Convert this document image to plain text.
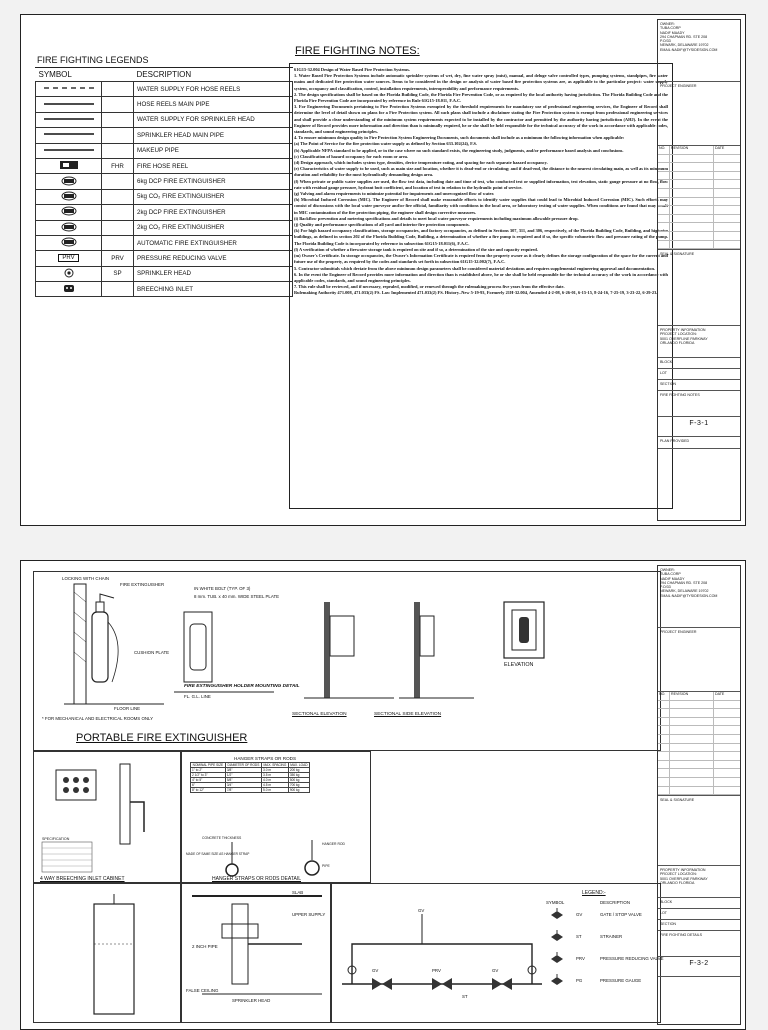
FIRE FIGHTING LEGENDS
SYMBOL		DESCRIPTION
		WATER SUPPLY FOR HOSE REELS
		HOSE REELS MAIN PIPE
		WATER SUPPLY FOR SPRINKLER HEAD
		SPRINKLER HEAD MAIN PIPE
		MAKEUP PIPE
	FHR	FIRE HOSE REEL
		6kg DCP FIRE EXTINGUISHER
		5kg CO₂ FIRE EXTINGUISHER
		2kg DCP FIRE EXTINGUISHER
		2kg CO₂ FIRE EXTINGUISHER
		AUTOMATIC FIRE EXTINGUISHER
PRV	PRV	PRESSURE REDUCING VALVE
	SP	SPRINKLER HEAD
		BREECHING INLET
FIRE FIGHTING NOTES:

61G15-32.004 Design of Water Based Fire Protection Systems.

1. Water Based Fire Protection Systems include automatic sprinkler systems of wet, dry, fine water spray (mist), manual, and deluge valve controlled types, pumping systems, standpipes, fire water mains and dedicated fire protection water sources. Items to be considered in the design or analysis of water based fire protection systems are, as applicable to the particular project: water supply system, occupancy and classification, control, installation requirements, interoperability and performance requirements.

2. The design specifications shall be based on the Florida Building Code, the Florida Fire Prevention Code, or as required by the local authority having jurisdiction. The Florida Building Code and the Florida Fire Prevention Code are incorporated by reference in Rule 61G15-18.011, F.A.C.

3. For Engineering Documents pertaining to Fire Protection Systems exempted by the threshold requirements for mandatory use of professional engineering services, the Engineer of Record shall determine the level of detail shown on plans for a Fire Protection system. All such plans shall include a disclaimer stating the Fire Protection system is exempt from professional engineering services and shall provide a clear understanding of the minimum system requirements expected to be installed by the contractor and permitted by the authority having jurisdiction (AHJ). In the event the Engineer of Record provides more information and direction than is minimally required, he or she shall be held responsible for the technical accuracy of the work in accordance with applicable codes, standards, and sound engineering principles.

4. To ensure minimum design quality in Fire Protection System Engineering Documents, such documents shall include as a minimum the following information when applicable:

(a) The Point of Service for the fire protection water supply as defined by Section 633.102(24), F.S.

(b) Applicable NFPA standard to be applied, or in the case where no such standard exists, the engineering study, judgments, and/or performance based analysis and conclusions.

(c) Classification of hazard occupancy for each room or area.

(d) Design approach, which includes system type, densities, device temperature rating, and spacing for each separate hazard occupancy.

(e) Characteristics of water supply to be used, such as main size and location, whether it is dead-end or circulating; and if dead-end, the distance to the nearest circulating main, as well as its minimum duration and reliability for the most hydraulically demanding design area.

(f) When private or public water supplies are used, the flow test data, including date and time of test, who conducted test or supplied information, test elevation, static gauge pressure at no flow, flow rate with residual gauge pressure, hydrant butt coefficient, and location of test in relation to the hydraulic point of service.

(g) Valving and alarm requirements to minimize potential for impairments and unrecognized flow of water.

(h) Microbial Induced Corrosion (MIC). The Engineer of Record shall make reasonable efforts to identify water supplies that could lead to Microbial Induced Corrosion (MIC). Such efforts may consist of discussions with the local water purveyor and/or fire official, familiarity with conditions in the local area, or laboratory testing of water supplies. When conditions are found that may result in MIC contamination of the fire protection piping, the engineer shall design corrective measures.

(i) Backflow prevention and metering specifications and details to meet local water purveyor requirements including maximum allowable pressure drop.

(j) Quality and performance specifications of all yard and interior fire protection components.

(k) For high hazard occupancy classifications, storage occupancies, and factory occupancies, as defined in Sections 307, 311, and 306, respectively, of the Florida Building Code, Building, and high-rise buildings, as defined in section 202 of the Florida Building Code, Building, a determination of whether a fire pump is required and if so, the specific volumetric flow and pressure rating of the pump. The Florida Building Code is incorporated by reference in subsection 61G15-18.011(6), F.A.C.

(l) A verification of whether a firewater storage tank is required on site and if so, a determination of the size and capacity required.

(m) Owner's Certificate. In storage occupancies, the Owner's Information Certificate is required from the property owner as it clearly defines the storage configuration of the space for the current and future use of the property, as required by the codes and standards set forth in subsection 61G15-32.002(7), F.A.C.

5. Contractor submittals which deviate from the above minimum design parameters shall be considered material deviations and requires supplemental engineering approval and documentation.

6. In the event the Engineer of Record provides more information and direction than is established above, he or she shall be held responsible for the technical accuracy of the work in accordance with applicable codes, standards, and sound engineering principles.

7. This rule shall be reviewed, and if necessary, repealed, modified, or renewed through the rulemaking process five years from the effective date.

Rulemaking Authority 471.008, 471.033(2) FS. Law Implemented 471.033(2) FS. History–New 5-19-93, Formerly 21H-32.004, Amended 4-2-08, 6-26-01, 6-15-15, 8-24-16, 7-25-19, 3-23-22, 6-29-23.

OWNER:
TUBA CORP
NADIF MAADY
294 CHAPMAN RD. STE 208
P.O/33
NEWARK, DELAWARE 19702
EMAIL:NADIF@TYSIDESIGN.COM
PROJECT ENGINEER
NO.	REVISION	DATE
SEAL & SIGNATURE
PROPERTY INFORMATION
PROJECT LOCATION:
5001 OVERFLINE PARKWAY
ORLANDO FLORIDA
BLOCK
LOT
SECTION
FIRE FIGHTING NOTES
F-3-1
PLAN PROVIDED
LOCKING WITH CHAIN
FIRE EXTINGUISHER
IN WHITE BOLT (TYP. OF 3)
8 mm. TUB. x 40 mm. WIDE STEEL PLATE
CUSHION PLATE
FLOOR LINE
FL. G.L. LINE
FIRE EXTINGUISHER HOLDER MOUNTING DETAIL
* FOR MECHANICAL AND ELECTRICAL ROOMS ONLY
ELEVATION
SECTIONAL ELEVATION	SECTIONAL SIDE ELEVATION
PORTABLE FIRE EXTINGUISHER
SPECIFICATION
4 WAY BREECHING INLET CABINET
HANGER STRAPS OR RODS
NOMINAL PIPE SIZE	DIAMETER OF RODS	MAX. SPACING	MAX. LOAD
1" to 2"	3/8"	3.0 m	200 kg
2 1/2" to 3"	1/2"	3.5 m	350 kg
4" to 5"	5/8"	4.0 m	500 kg
6"	3/4"	4.5 m	700 kg
8" to 12"	7/8"	5.0 m	900 kg
CONCRETE THICKNESS
HANGER ROD
MADE OF SAME SIZE AS HANGER STRAP
PIPE
HANGER STRAPS OR RODS DEATAIL
SLAB
UPPER SUPPLY
2 INCH PIPE
SPRINKLER HEAD
FALSE CEILING
GV	PRV	GV
ST
GV
LEGEND:-
SYMBOL	DESCRIPTION
GV	GATE / STOP VALVE
ST	STRAINER
PRV	PRESSURE REDUCING VALVE
PG	PRESSURE GAUGE
OWNER:
TUBA CORP
NADIF MAADY
294 CHAPMAN RD. STE 208
P.O/33
NEWARK, DELAWARE 19702
EMAIL:NADIF@TYSIDESIGN.COM
PROJECT ENGINEER
NO.	REVISION	DATE
SEAL & SIGNATURE
PROPERTY INFORMATION
PROJECT LOCATION:
5001 OVERFLINE PARKWAY
ORLANDO FLORIDA
BLOCK
LOT
SECTION
FIRE FIGHTING DETAILS
F-3-2
